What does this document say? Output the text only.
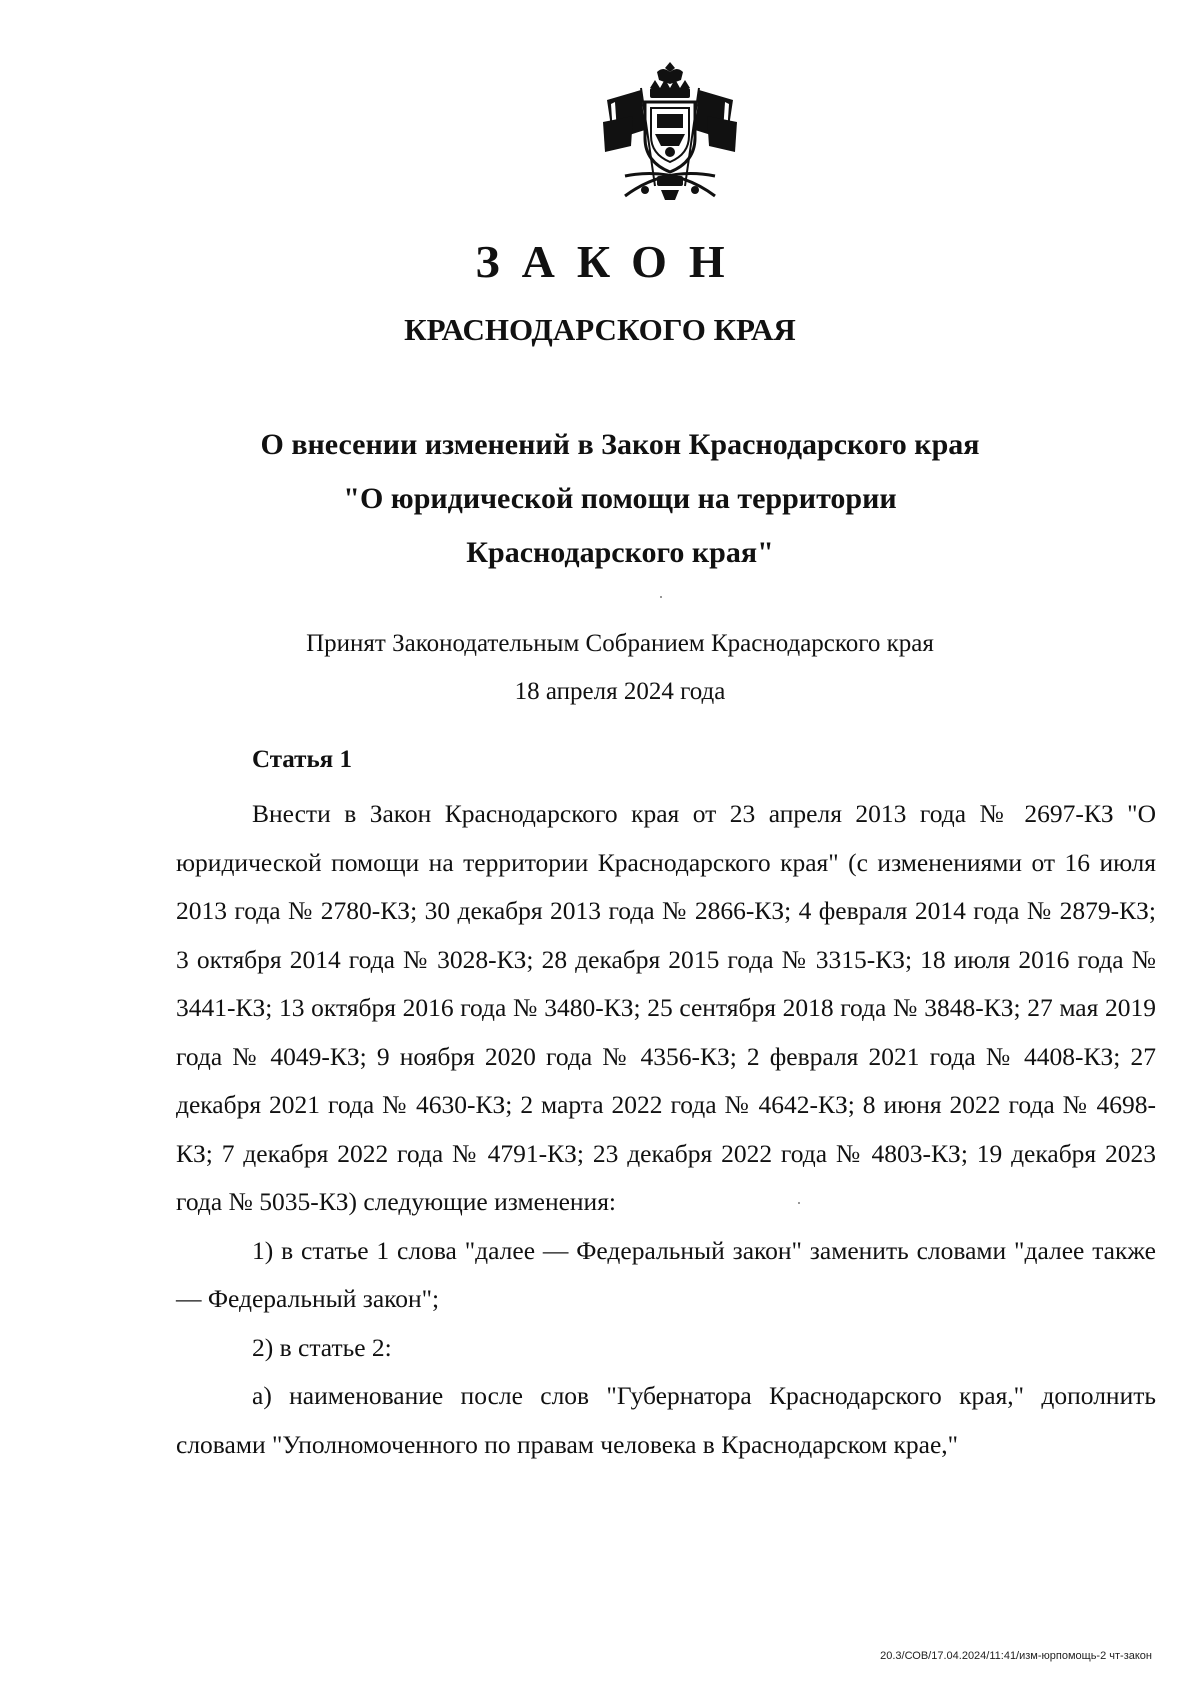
ЗАКОН
КРАСНОДАРСКОГО КРАЯ
О внесении изменений в Закон Краснодарского края
"О юридической помощи на территории
Краснодарского края"
Принят Законодательным Собранием Краснодарского края
18 апреля 2024 года
Статья 1

Внести в Закон Краснодарского края от 23 апреля 2013 года № 2697-КЗ "О юридической помощи на территории Краснодарского края" (с изменениями от 16 июля 2013 года № 2780-КЗ; 30 декабря 2013 года № 2866-КЗ; 4 февраля 2014 года № 2879-КЗ; 3 октября 2014 года № 3028-КЗ; 28 декабря 2015 года № 3315-КЗ; 18 июля 2016 года № 3441-КЗ; 13 октября 2016 года № 3480-КЗ; 25 сентября 2018 года № 3848-КЗ; 27 мая 2019 года № 4049-КЗ; 9 ноября 2020 года № 4356-КЗ; 2 февраля 2021 года № 4408-КЗ; 27 декабря 2021 года № 4630-КЗ; 2 марта 2022 года № 4642-КЗ; 8 июня 2022 года № 4698-КЗ; 7 декабря 2022 года № 4791-КЗ; 23 декабря 2022 года № 4803-КЗ; 19 декабря 2023 года № 5035-КЗ) следующие изменения:

1) в статье 1 слова "далее — Федеральный закон" заменить словами "далее также — Федеральный закон";

2) в статье 2:

а) наименование после слов "Губернатора Краснодарского края," дополнить словами "Уполномоченного по правам человека в Краснодарском крае,"

20.3/СОВ/17.04.2024/11:41/изм-юрпомощь-2 чт-закон
